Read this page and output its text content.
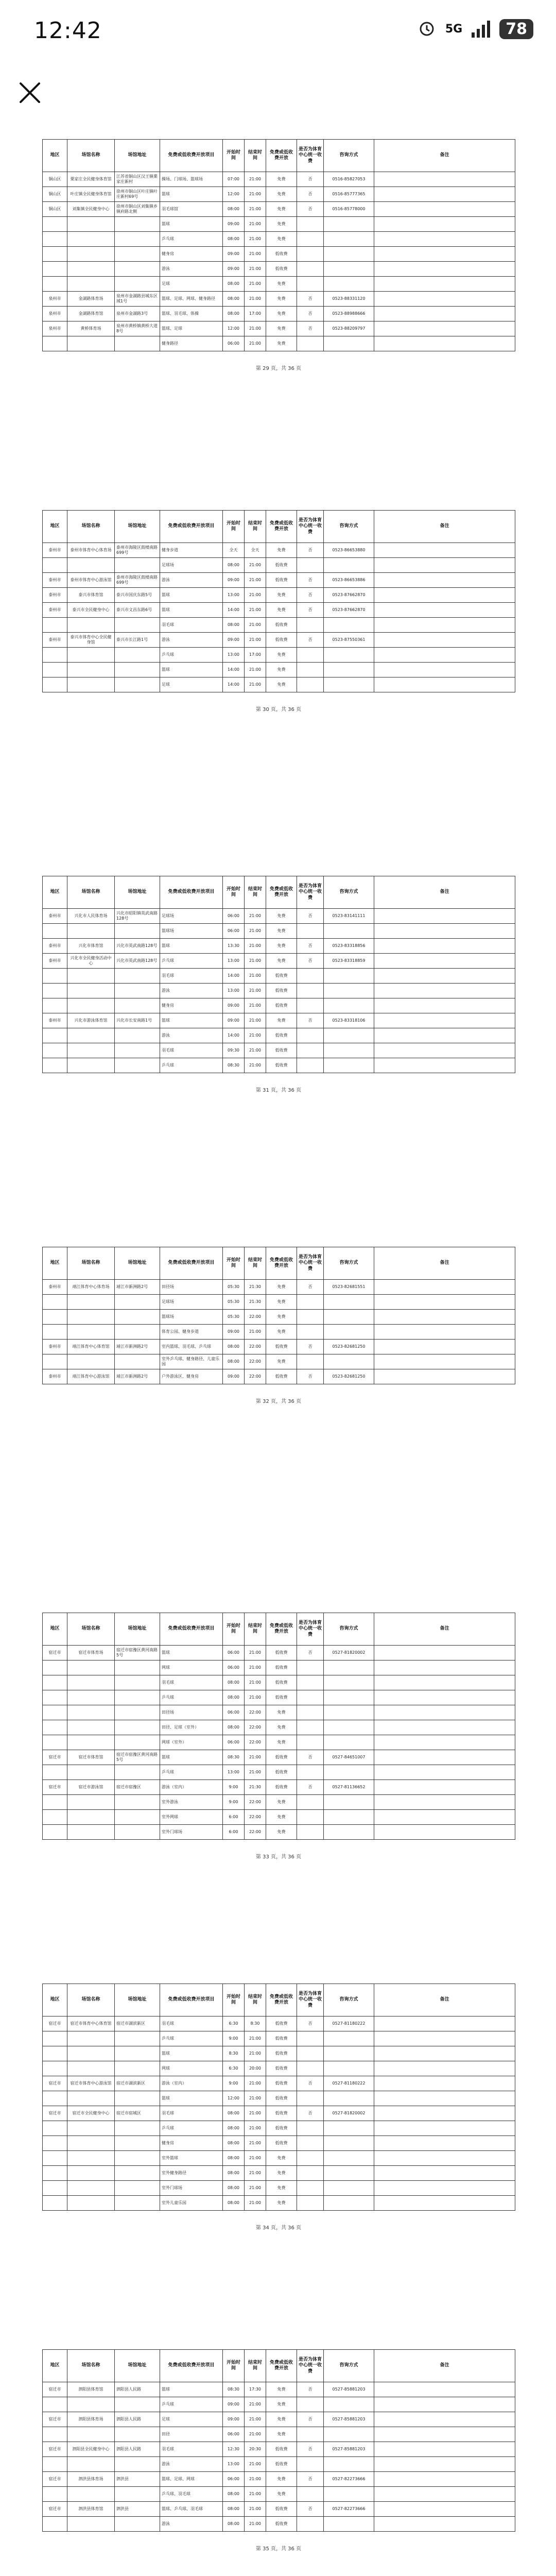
12:42	5G	78
地区	场馆名称	场馆地址	免费或低收费开放项目	开始时间	结束时间	免费或低收费开放	是否为体育中心统一收费	咨询方式	备注
铜山区	栗家庄全民健身体育馆	江苏省铜山区汉王镇栗家庄新村	操场、门球场、篮球场	07:00	21:00	免费	否	0516-85827053	
铜山区	叶庄镇全民健身体育馆	徐州市铜山区叶庄镇叶庄新村69号	篮球	12:00	21:00	免费	否	0516-85777365	
铜山区	刘集镇全民健身中心	徐州市铜山区刘集镇乡镇府路北侧	羽毛球馆	08:00	21:00	免费	否	0516-85778000	
			篮球	09:00	21:00	免费			
			乒乓球	08:00	21:00	免费			
			健身房	09:00	21:00	低收费			
			游泳	09:00	21:00	低收费			
			足球	08:00	21:00	免费			
泉州市	金湖路体育场	泉州市金湖路县城东区域1号	篮球、足球、网球、健身路径	08:00	21:00	免费	否	0523-88331120	
泉州市	金湖路体育馆	泉州市金湖路3号	篮球、羽毛球、体操	08:00	17:00	免费	否	0523-88988666	
泉州市	黄桥体育场	泉州市黄桥镇黄桥大道8号	篮球、足球	12:00	21:00	免费	否	0523-88209797	
			健身路径	06:00	21:00	免费			
第 29 页，共 36 页
地区	场馆名称	场馆地址	免费或低收费开放项目	开始时间	结束时间	免费或低收费开放	是否为体育中心统一收费	咨询方式	备注
泰州市	泰州市体育中心体育场	泰州市海陵区鼓楼南路699号	健身步道	全天	全天	免费	否	0523-86653880	
			足球场	08:00	21:00	低收费			
泰州市	泰州市体育中心游泳馆	泰州市海陵区鼓楼南路699号	游泳	09:00	21:00	低收费	否	0523-86653886	
泰州市	泰兴市体育馆	泰兴市国庆东路5号	篮球	13:00	21:00	免费	否	0523-87662870	
泰州市	泰兴市全民健身中心	泰兴市文昌东路6号	篮球	14:00	21:00	免费	否	0523-87662870	
			羽毛球	08:00	21:00	低收费			
泰州市	泰兴市体育中心全民健身馆	泰兴市长江路1号	游泳	09:00	21:00	低收费	否	0523-87550361	
			乒乓球	13:00	17:00	免费			
			篮球	14:00	21:00	免费			
			足球	14:00	21:00	免费			
第 30 页，共 36 页
地区	场馆名称	场馆地址	免费或低收费开放项目	开始时间	结束时间	免费或低收费开放	是否为体育中心统一收费	咨询方式	备注
泰州市	兴化市人民体育场	兴化市昭阳镇英武南路128号	足球场	06:00	21:00	免费	否	0523-83141111	
			篮球场	06:00	21:00	免费			
泰州市	兴化市体育馆	兴化市英武南路128号	篮球	13:30	21:00	免费	否	0523-83318856	
泰州市	兴化市全民健身活动中心	兴化市英武南路128号	乒乓球	13:00	21:00	免费	否	0523-83318859	
			羽毛球	14:00	21:00	低收费			
			游泳	13:00	21:00	低收费			
			健身房	09:00	21:00	低收费			
泰州市	兴化市游泳体育馆	兴化市长安南路1号	篮球	09:00	21:00	免费	否	0523-83318106	
			游泳	14:00	21:00	低收费			
			羽毛球	09:30	21:00	低收费			
			乒乓球	08:30	21:00	低收费			
第 31 页，共 36 页
地区	场馆名称	场馆地址	免费或低收费开放项目	开始时间	结束时间	免费或低收费开放	是否为体育中心统一收费	咨询方式	备注
泰州市	靖江体育中心体育场	靖江市新洲路2号	田径场	05:30	21:30	免费	否	0523-82681551	
			足球场	05:30	21:30	免费			
			篮球场	05:30	22:00	免费			
			体育公园、健身步道	09:00	21:00	免费			
泰州市	靖江体育中心体育馆	靖江市新洲路2号	室内篮球、羽毛球、乒乓球	08:00	22:00	低收费	否	0523-82681250	
			室外乒乓球、健身路径、儿童乐园	08:00	22:00	免费			
泰州市	靖江体育中心游泳馆	靖江市新洲路2号	户外游泳区、健身房	09:00	22:00	低收费	否	0523-82681250	
第 32 页，共 36 页
地区	场馆名称	场馆地址	免费或低收费开放项目	开始时间	结束时间	免费或低收费开放	是否为体育中心统一收费	咨询方式	备注
宿迁市	宿迁市体育场	宿迁市宿豫区黄河南路5号	篮球	06:00	21:00	低收费	否	0527-81820002	
			网球	06:00	21:00	低收费			
			羽毛球	08:00	21:00	低收费			
			乒乓球	08:00	21:00	低收费			
			田径场	06:00	22:00	免费			
			田径、足球（室外）	08:00	22:00	免费			
			网球（室外）	06:00	22:00	免费			
宿迁市	宿迁市体育馆	宿迁市宿豫区黄河南路5号	篮球	08:30	21:00	低收费	否	0527-84651007	
			乒乓球	13:00	21:00	低收费			
宿迁市	宿迁市游泳馆	宿迁市宿豫区	游泳（室内）	9:00	21:30	低收费	否	0527-81136652	
			室外游泳	9:00	22:00	免费			
			室外网球	6:00	22:00	免费			
			室外门球场	6:00	22:00	免费			
第 33 页，共 36 页
地区	场馆名称	场馆地址	免费或低收费开放项目	开始时间	结束时间	免费或低收费开放	是否为体育中心统一收费	咨询方式	备注
宿迁市	宿迁市体育中心体育馆	宿迁市湖滨新区	羽毛球	6:30	8:30	低收费	否	0527-81180222	
			乒乓球	9:00	21:00	低收费			
			篮球	8:30	21:00	低收费			
			网球	6:30	20:00	低收费			
宿迁市	宿迁市体育中心游泳馆	宿迁市湖滨新区	游泳（室内）	9:00	21:00	低收费	否	0527-81180222	
			篮球	12:00	21:00	低收费			
宿迁市	宿迁市全民健身中心	宿迁市宿城区	羽毛球	08:00	21:00	低收费	否	0527-81820002	
			乒乓球	08:00	21:00	低收费			
			健身房	08:00	21:00	低收费			
			室外篮球	08:00	21:00	免费			
			室外健身路径	08:00	21:00	免费			
			室外门球场	08:00	21:00	免费			
			室外儿童乐园	08:00	21:00	免费			
第 34 页，共 36 页
地区	场馆名称	场馆地址	免费或低收费开放项目	开始时间	结束时间	免费或低收费开放	是否为体育中心统一收费	咨询方式	备注
宿迁市	泗阳县体育馆	泗阳县人民路	篮球	08:30	17:30	免费	否	0527-85881203	
			乒乓球	09:00	21:00	免费			
宿迁市	泗阳县体育场	泗阳县人民路	足球	09:00	21:00	免费	否	0527-85881203	
			田径	06:00	21:00	免费			
宿迁市	泗阳县全民健身中心	泗阳县人民路	羽毛球	12:30	20:30	低收费	否	0527-85881203	
			游泳	13:00	21:00	低收费			
宿迁市	泗洪县体育场	泗洪县	篮球、足球、网球	06:00	21:00	免费	否	0527-82273666	
			乒乓球、羽毛球	08:00	21:00	免费			
宿迁市	泗洪县体育馆	泗洪县	篮球、乒乓球、羽毛球	08:00	21:00	低收费	否	0527-82273666	
			游泳	08:00	21:00	低收费			
第 35 页，共 36 页
